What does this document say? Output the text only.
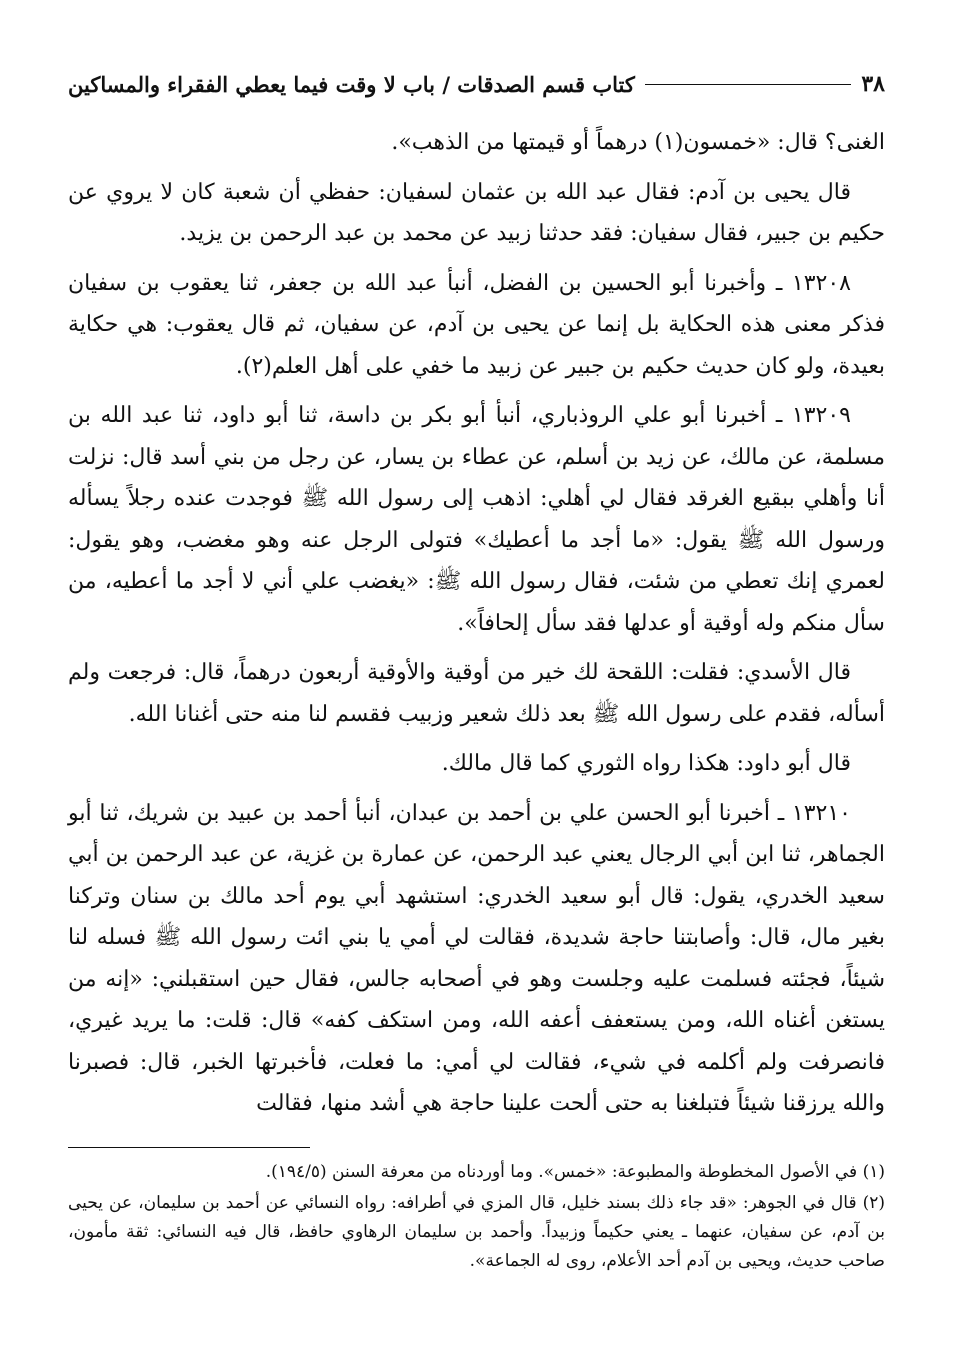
٣٨
كتاب قسم الصدقات / باب لا وقت فيما يعطي الفقراء والمساكين

الغنى؟ قال: «خمسون(١) درهماً أو قيمتها من الذهب».

قال يحيى بن آدم: فقال عبد الله بن عثمان لسفيان: حفظي أن شعبة كان لا يروي عن حكيم بن جبير، فقال سفيان: فقد حدثنا زبيد عن محمد بن عبد الرحمن بن يزيد.

١٣٢٠٨ ـ وأخبرنا أبو الحسين بن الفضل، أنبأ عبد الله بن جعفر، ثنا يعقوب بن سفيان فذكر معنى هذه الحكاية بل إنما عن يحيى بن آدم، عن سفيان، ثم قال يعقوب: هي حكاية بعيدة، ولو كان حديث حكيم بن جبير عن زبيد ما خفي على أهل العلم(٢).

١٣٢٠٩ ـ أخبرنا أبو علي الروذباري، أنبأ أبو بكر بن داسة، ثنا أبو داود، ثنا عبد الله بن مسلمة، عن مالك، عن زيد بن أسلم، عن عطاء بن يسار، عن رجل من بني أسد قال: نزلت أنا وأهلي ببقيع الغرقد فقال لي أهلي: اذهب إلى رسول الله ﷺ فوجدت عنده رجلاً يسأله ورسول الله ﷺ يقول: «ما أجد ما أعطيك» فتولى الرجل عنه وهو مغضب، وهو يقول: لعمري إنك تعطي من شئت، فقال رسول الله ﷺ: «يغضب علي أني لا أجد ما أعطيه، من سأل منكم وله أوقية أو عدلها فقد سأل إلحافاً».

قال الأسدي: فقلت: اللقحة لك خير من أوقية والأوقية أربعون درهماً، قال: فرجعت ولم أسأله، فقدم على رسول الله ﷺ بعد ذلك شعير وزبيب فقسم لنا منه حتى أغنانا الله.

قال أبو داود: هكذا رواه الثوري كما قال مالك.

١٣٢١٠ ـ أخبرنا أبو الحسن علي بن أحمد بن عبدان، أنبأ أحمد بن عبيد بن شريك، ثنا أبو الجماهر، ثنا ابن أبي الرجال يعني عبد الرحمن، عن عمارة بن غزية، عن عبد الرحمن بن أبي سعيد الخدري، يقول: قال أبو سعيد الخدري: استشهد أبي يوم أحد مالك بن سنان وتركنا بغير مال، قال: وأصابتنا حاجة شديدة، فقالت لي أمي يا بني ائت رسول الله ﷺ فسله لنا شيئاً، فجئته فسلمت عليه وجلست وهو في أصحابه جالس، فقال حين استقبلني: «إنه من يستغن أغناه الله، ومن يستعفف أعفه الله، ومن استكف كفه» قال: قلت: ما يريد غيري، فانصرفت ولم أكلمه في شيء، فقالت لي أمي: ما فعلت، فأخبرتها الخبر، قال: فصبرنا والله يرزقنا شيئاً فتبلغنا به حتى ألحت علينا حاجة هي أشد منها، فقالت

(١) في الأصول المخطوطة والمطبوعة: «خمس». وما أوردناه من معرفة السنن (١٩٤/٥).

(٢) قال في الجوهر: «قد جاء ذلك بسند خليل، قال المزي في أطرافه: رواه النسائي عن أحمد بن سليمان، عن يحيى بن آدم، عن سفيان، عنهما ـ يعني حكيماً وزبيداً. وأحمد بن سليمان الرهاوي حافظ، قال فيه النسائي: ثقة مأمون، صاحب حديث، ويحيى بن آدم أحد الأعلام، روى له الجماعة».
